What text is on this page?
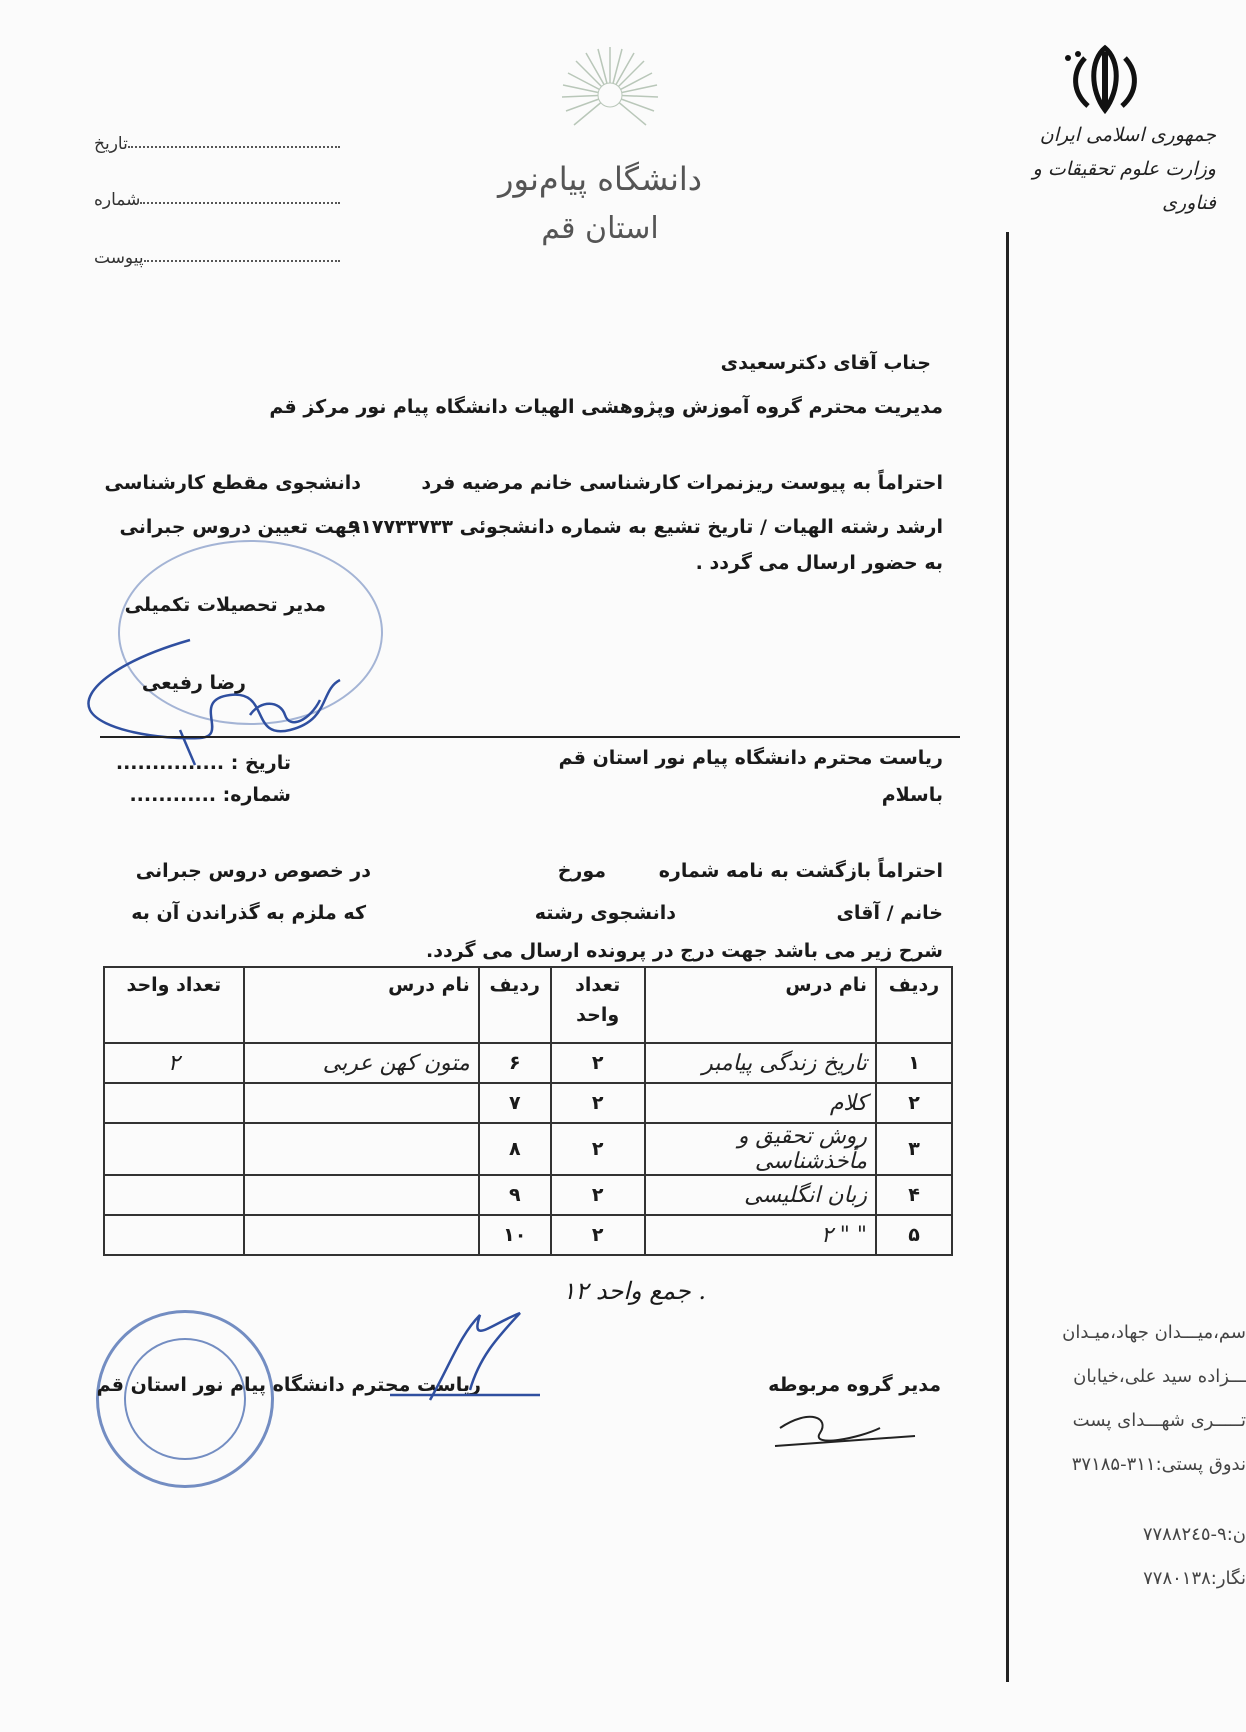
جمهوری اسلامی ایران
وزارت علوم تحقیقات و فناوری
دانشگاه پیام‌نور
استان قم
تاریخ
شماره
پیوست
جناب آقای دکترسعیدی
مدیریت محترم گروه آموزش وپژوهشی الهیات دانشگاه پیام نور مرکز قم
احتراماً به پیوست ریزنمرات کارشناسی خانم مرضیه فرد
دانشجوی مقطع کارشناسی
ارشد رشته الهیات / تاریخ تشیع به شماره دانشجوئی ۹۱۷۷۳۳۷۳۳
جهت تعیین دروس جبرانی
به حضور ارسال می گردد .
مدیر تحصیلات تکمیلی
رضا رفیعی
تاریخ : ...............
شماره: ............
ریاست محترم دانشگاه پیام نور استان قم
باسلام
احتراماً بازگشت به نامه شماره
مورخ
در خصوص دروس جبرانی
خانم / آقای
دانشجوی رشته
که ملزم به گذراندن آن به
شرح زیر می باشد جهت درج در پرونده ارسال می گردد.
ردیف	نام درس	تعداد
واحد	ردیف	نام درس	تعداد واحد
۱	تاریخ زندگی پیامبر	۲	۶	متون کهن عربی	۲
۲	کلام	۲	۷		
۳	روش تحقیق و مأخذشناسی	۲	۸		
۴	زبان انگلیسی	۲	۹		
۵	" " ۲	۲	۱۰		
. جمع واحد ۱۲
مدیر گروه مربوطه
ریاست محترم دانشگاه پیام نور استان قم
سم،میـــدان جهاد،میـدان
ـــزاده سید علی،خیابان
تـــــری شهـــدای پست
ندوق پستی:۳۱۱-۳۷۱۸۵
ن:۹-۷۷۸۸۲٤٥
نگار:۷۷۸۰۱۳۸
